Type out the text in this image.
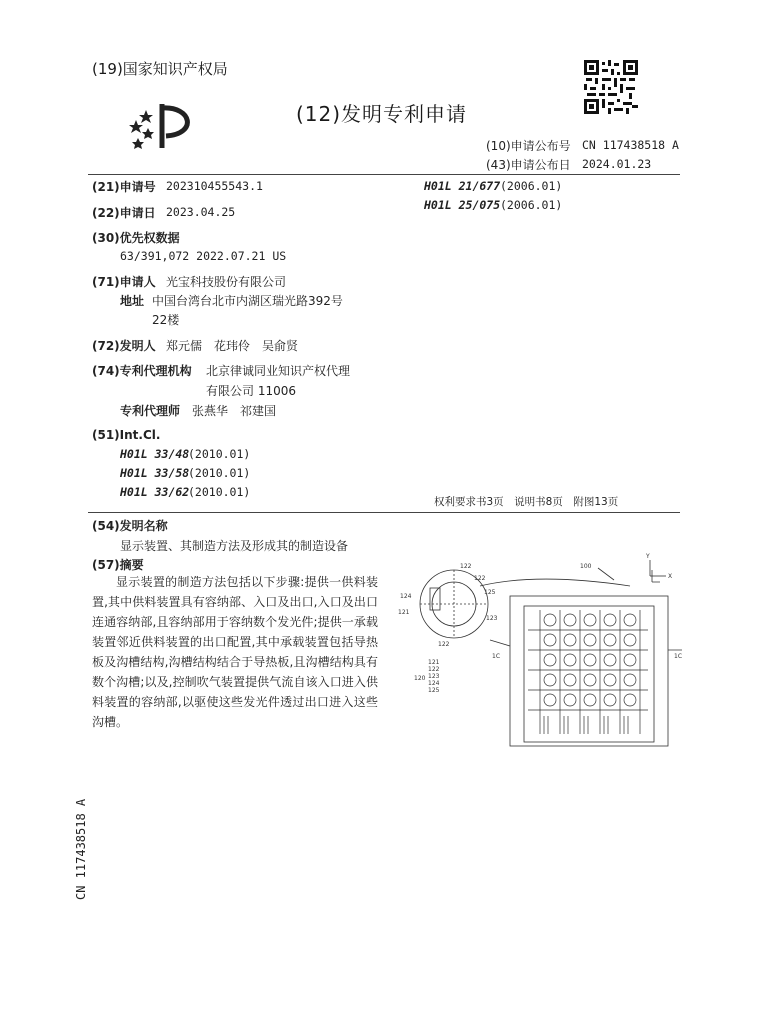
(19)国家知识产权局
(12)发明专利申请
(10)申请公布号 CN 117438518 A
(43)申请公布日 2024.01.23
(21)申请号 202310455543.1
(22)申请日 2023.04.25
(30)优先权数据
63/391,072 2022.07.21 US
(71)申请人 光宝科技股份有限公司
地址 中国台湾台北市内湖区瑞光路392号
22楼
(72)发明人 郑元儒　花玮伶　吴俞贤
(74)专利代理机构 北京律诚同业知识产权代理
有限公司 11006
专利代理师 张燕华　祁建国
(51)Int.Cl.
H01L 33/48
(2010.01)
H01L 33/58
(2010.01)
H01L 33/62
(2010.01)
H01L 21/677 (2006.01)
H01L 25/075 (2006.01)
权利要求书3页　说明书8页　附图13页
(54)发明名称
显示装置、其制造方法及形成其的制造设备
(57)摘要
显示装置的制造方法包括以下步骤:提供一供料装置,其中供料装置具有容纳部、入口及出口,入口及出口连通容纳部,且容纳部用于容纳数个发光件;提供一承载装置邻近供料装置的出口配置,其中承载装置包括导热板及沟槽结构,沟槽结构结合于导热板,且沟槽结构具有数个沟槽;以及,控制吹气装置提供气流自该入口进入供料装置的容纳部,以驱使这些发光件透过出口进入这些沟槽。
CN 117438518 A
100
Y
X
122
122
124
121
125
123
122
1C	1C
120
121
122
123
124
125
